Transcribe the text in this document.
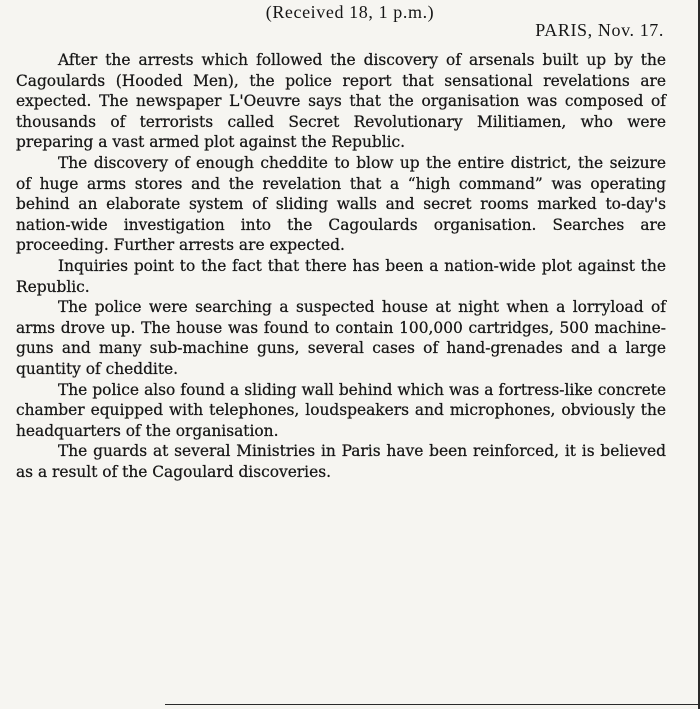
(Received 18, 1 p.m.)
PARIS, Nov. 17.

After the arrests which followed the discovery of arsenals built up by the Cagoulards (Hooded Men), the police report that sensational revelations are expected. The newspaper L'Oeuvre says that the organisation was composed of thousands of terrorists called Secret Revolutionary Militiamen, who were preparing a vast armed plot against the Republic.

The discovery of enough cheddite to blow up the entire district, the seizure of huge arms stores and the revelation that a “high command” was operating behind an elaborate system of sliding walls and secret rooms marked to-day's nation-wide investigation into the Cagoulards organisation. Searches are proceeding. Further arrests are expected.

Inquiries point to the fact that there has been a nation-wide plot against the Republic.

The police were searching a suspected house at night when a lorryload of arms drove up. The house was found to contain 100,000 cartridges, 500 machine-guns and many sub-machine guns, several cases of hand-grenades and a large quantity of cheddite.

The police also found a sliding wall behind which was a fortress-like concrete chamber equipped with telephones, loudspeakers and microphones, obviously the headquarters of the organisation.

The guards at several Ministries in Paris have been reinforced, it is believed as a result of the Cagoulard discoveries.
